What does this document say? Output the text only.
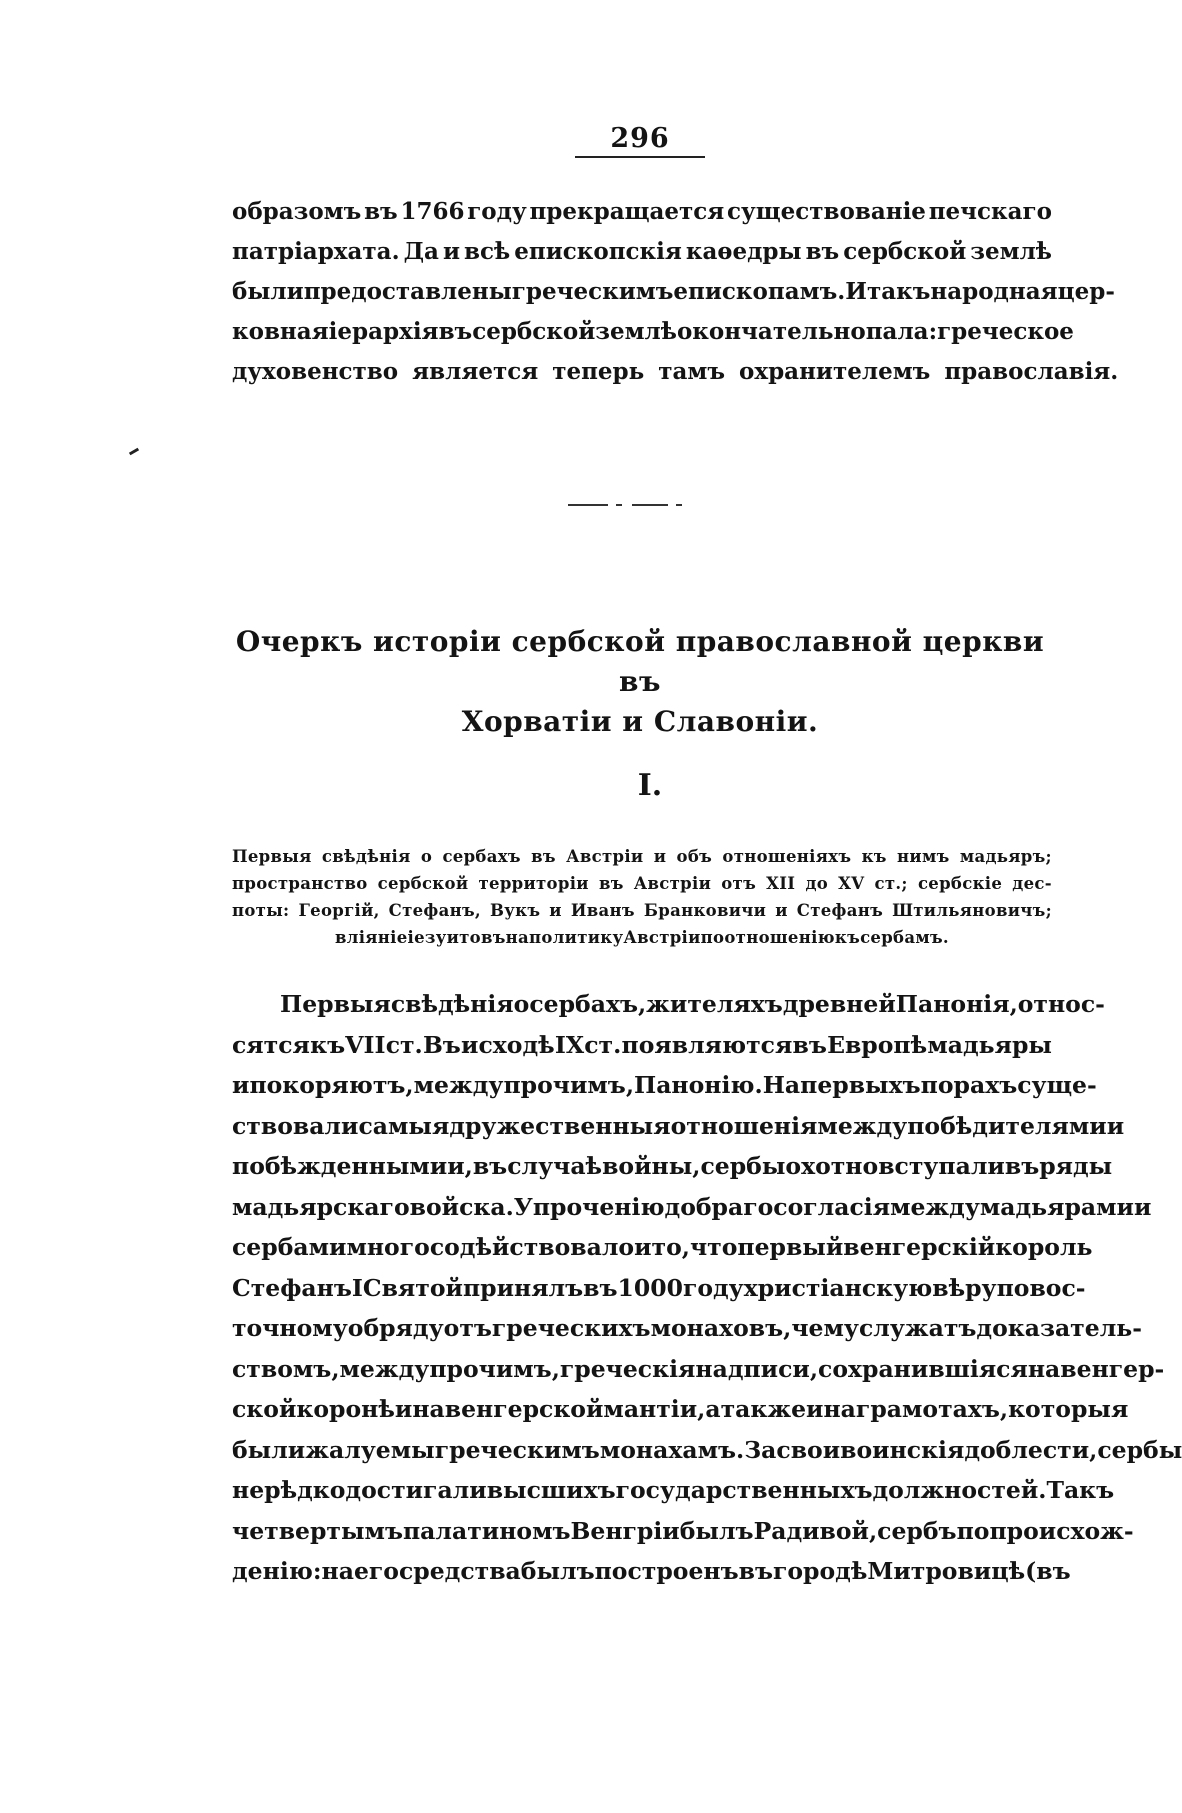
296
образомъ въ 1766 году прекращается существованіе печскаго
патріархата. Да и всѣ епископскія каѳедры въ сербской землѣ
были предоставлены греческимъ епископамъ. И такъ народная цер-
ковная іерархія въ сербской землѣ окончательно пала: греческое
духовенство является теперь тамъ охранителемъ православія.
Очеркъ исторіи сербской православной церкви въ
Хорватіи и Славоніи.
I.
Первыя свѣдѣнія о сербахъ въ Австріи и объ отношеніяхъ къ нимъ мадьяръ;
пространство сербской территоріи въ Австріи отъ XII до XV ст.; сербскіе дес-
поты: Георгій, Стефанъ, Вукъ и Иванъ Бранковичи и Стефанъ Штильяновичъ;
вліяніе іезуитовъ на политику Австріи по отношенію къ сербамъ.
Первыя свѣдѣнія о сербахъ, жителяхъ древней Панонія, относ-
сятся къ VII ст. Въ исходѣ IX ст. появляются въ Европѣ мадьяры
и покоряютъ, между прочимъ, Панонію. На первыхъ порахъ суще-
ствовали самыя дружественныя отношенія между побѣдителями и
побѣжденными и, въ случаѣ войны, сербы охотно вступали въ ряды
мадьярскаго войска. Упроченію добраго согласія между мадьярами и
сербами много содѣйствовало и то, что первый венгерскій король
Стефанъ I Святой принялъ въ 1000 году христіанскую вѣру по вос-
точному обряду отъ греческихъ монаховъ, чему служатъ доказатель-
ствомъ, между прочимъ, греческія надписи, сохранившіяся на венгер-
ской коронѣ и на венгерской мантіи, а также и на грамотахъ, которыя
были жалуемы греческимъ монахамъ. За свои воинскія доблести, сербы
нерѣдко достигали высшихъ государственныхъ должностей. Такъ
четвертымъ палатиномъ Венгріи былъ Радивой, сербъ по происхож-
денію: на его средства былъ построенъ въ городѣ Митровицѣ (въ
